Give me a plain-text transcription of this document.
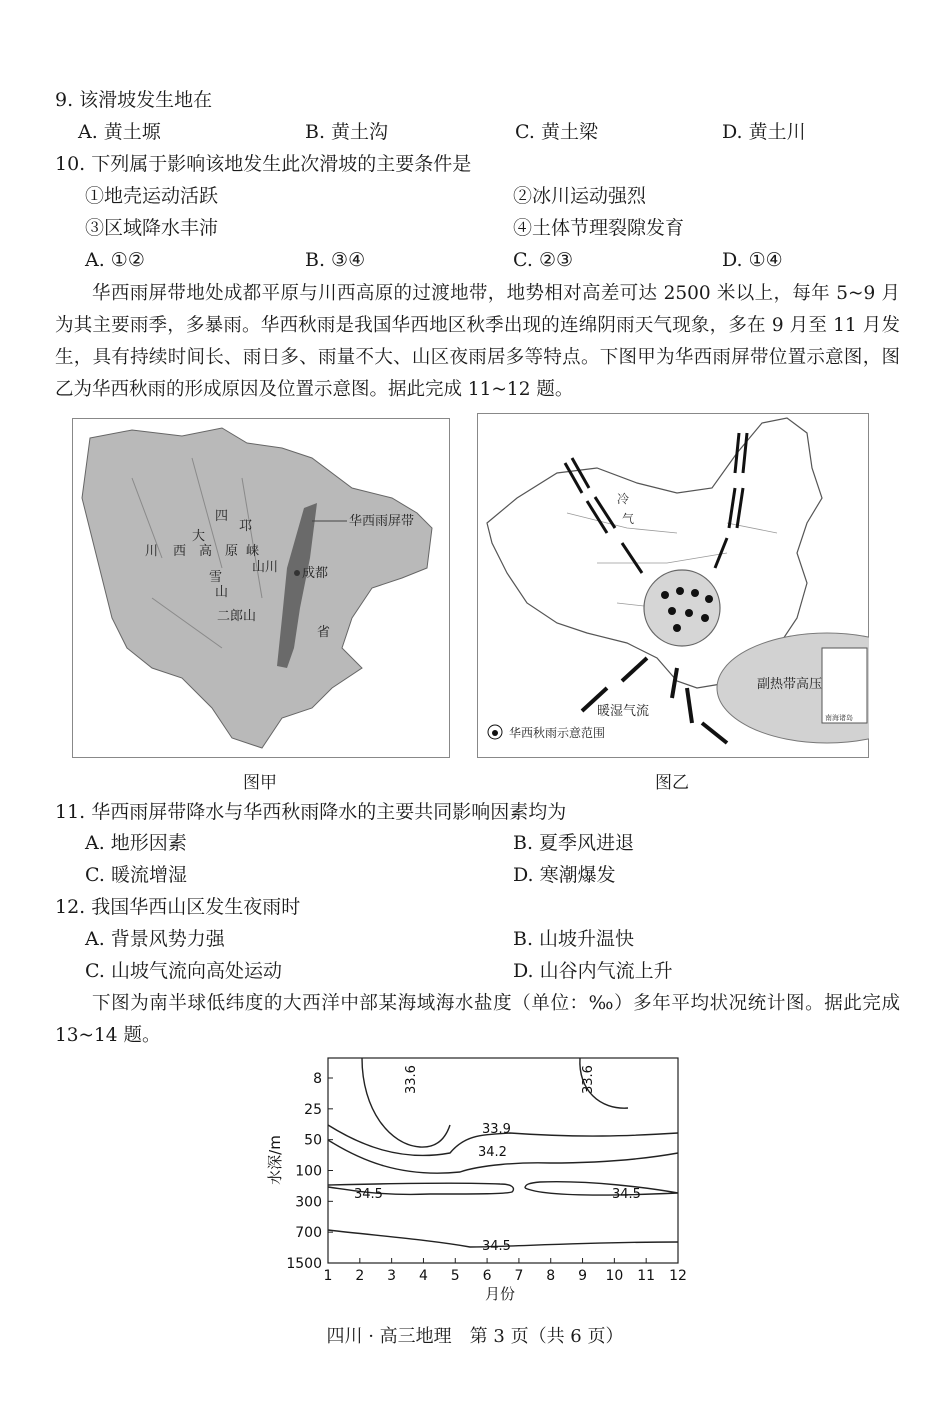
9. 该滑坡发生地在
A. 黄土塬	B. 黄土沟	C. 黄土梁	D. 黄土川
10. 下列属于影响该地发生此次滑坡的主要条件是
①地壳运动活跃	②冰川运动强烈
③区域降水丰沛	④土体节理裂隙发育
A. ①②	B. ③④	C. ②③	D. ①④
华西雨屏带地处成都平原与川西高原的过渡地带，地势相对高差可达 2500 米以上，每年 5~9 月为其主要雨季，多暴雨。华西秋雨是我国华西地区秋季出现的连绵阴雨天气现象，多在 9 月至 11 月发生，具有持续时间长、雨日多、雨量不大、山区夜雨居多等特点。下图甲为华西雨屏带位置示意图，图乙为华西秋雨的形成原因及位置示意图。据此完成 11~12 题。
华西雨屏带
四
大
川 西 高 原
邛
崃
山 川 成都
雪
山
二郎山
省
南海诸岛
冷
气
暖湿气流
副热带高压
华西秋雨示意范围
图甲	图乙
11. 华西雨屏带降水与华西秋雨降水的主要共同影响因素均为
A. 地形因素	B. 夏季风进退
C. 暖流增湿	D. 寒潮爆发
12. 我国华西山区发生夜雨时
A. 背景风势力强	B. 山坡升温快
C. 山坡气流向高处运动	D. 山谷内气流上升
下图为南半球低纬度的大西洋中部某海域海水盐度（单位：‰）多年平均状况统计图。据此完成 13~14 题。
1 2 3 4 5 6 7 8 9 10 11 12
8
25
50
100
300
700
1500
33.6	33.6
33.9
34.2
34.5	34.5
34.5
月份
水深/m
四川 · 高三地理　第 3 页（共 6 页）
